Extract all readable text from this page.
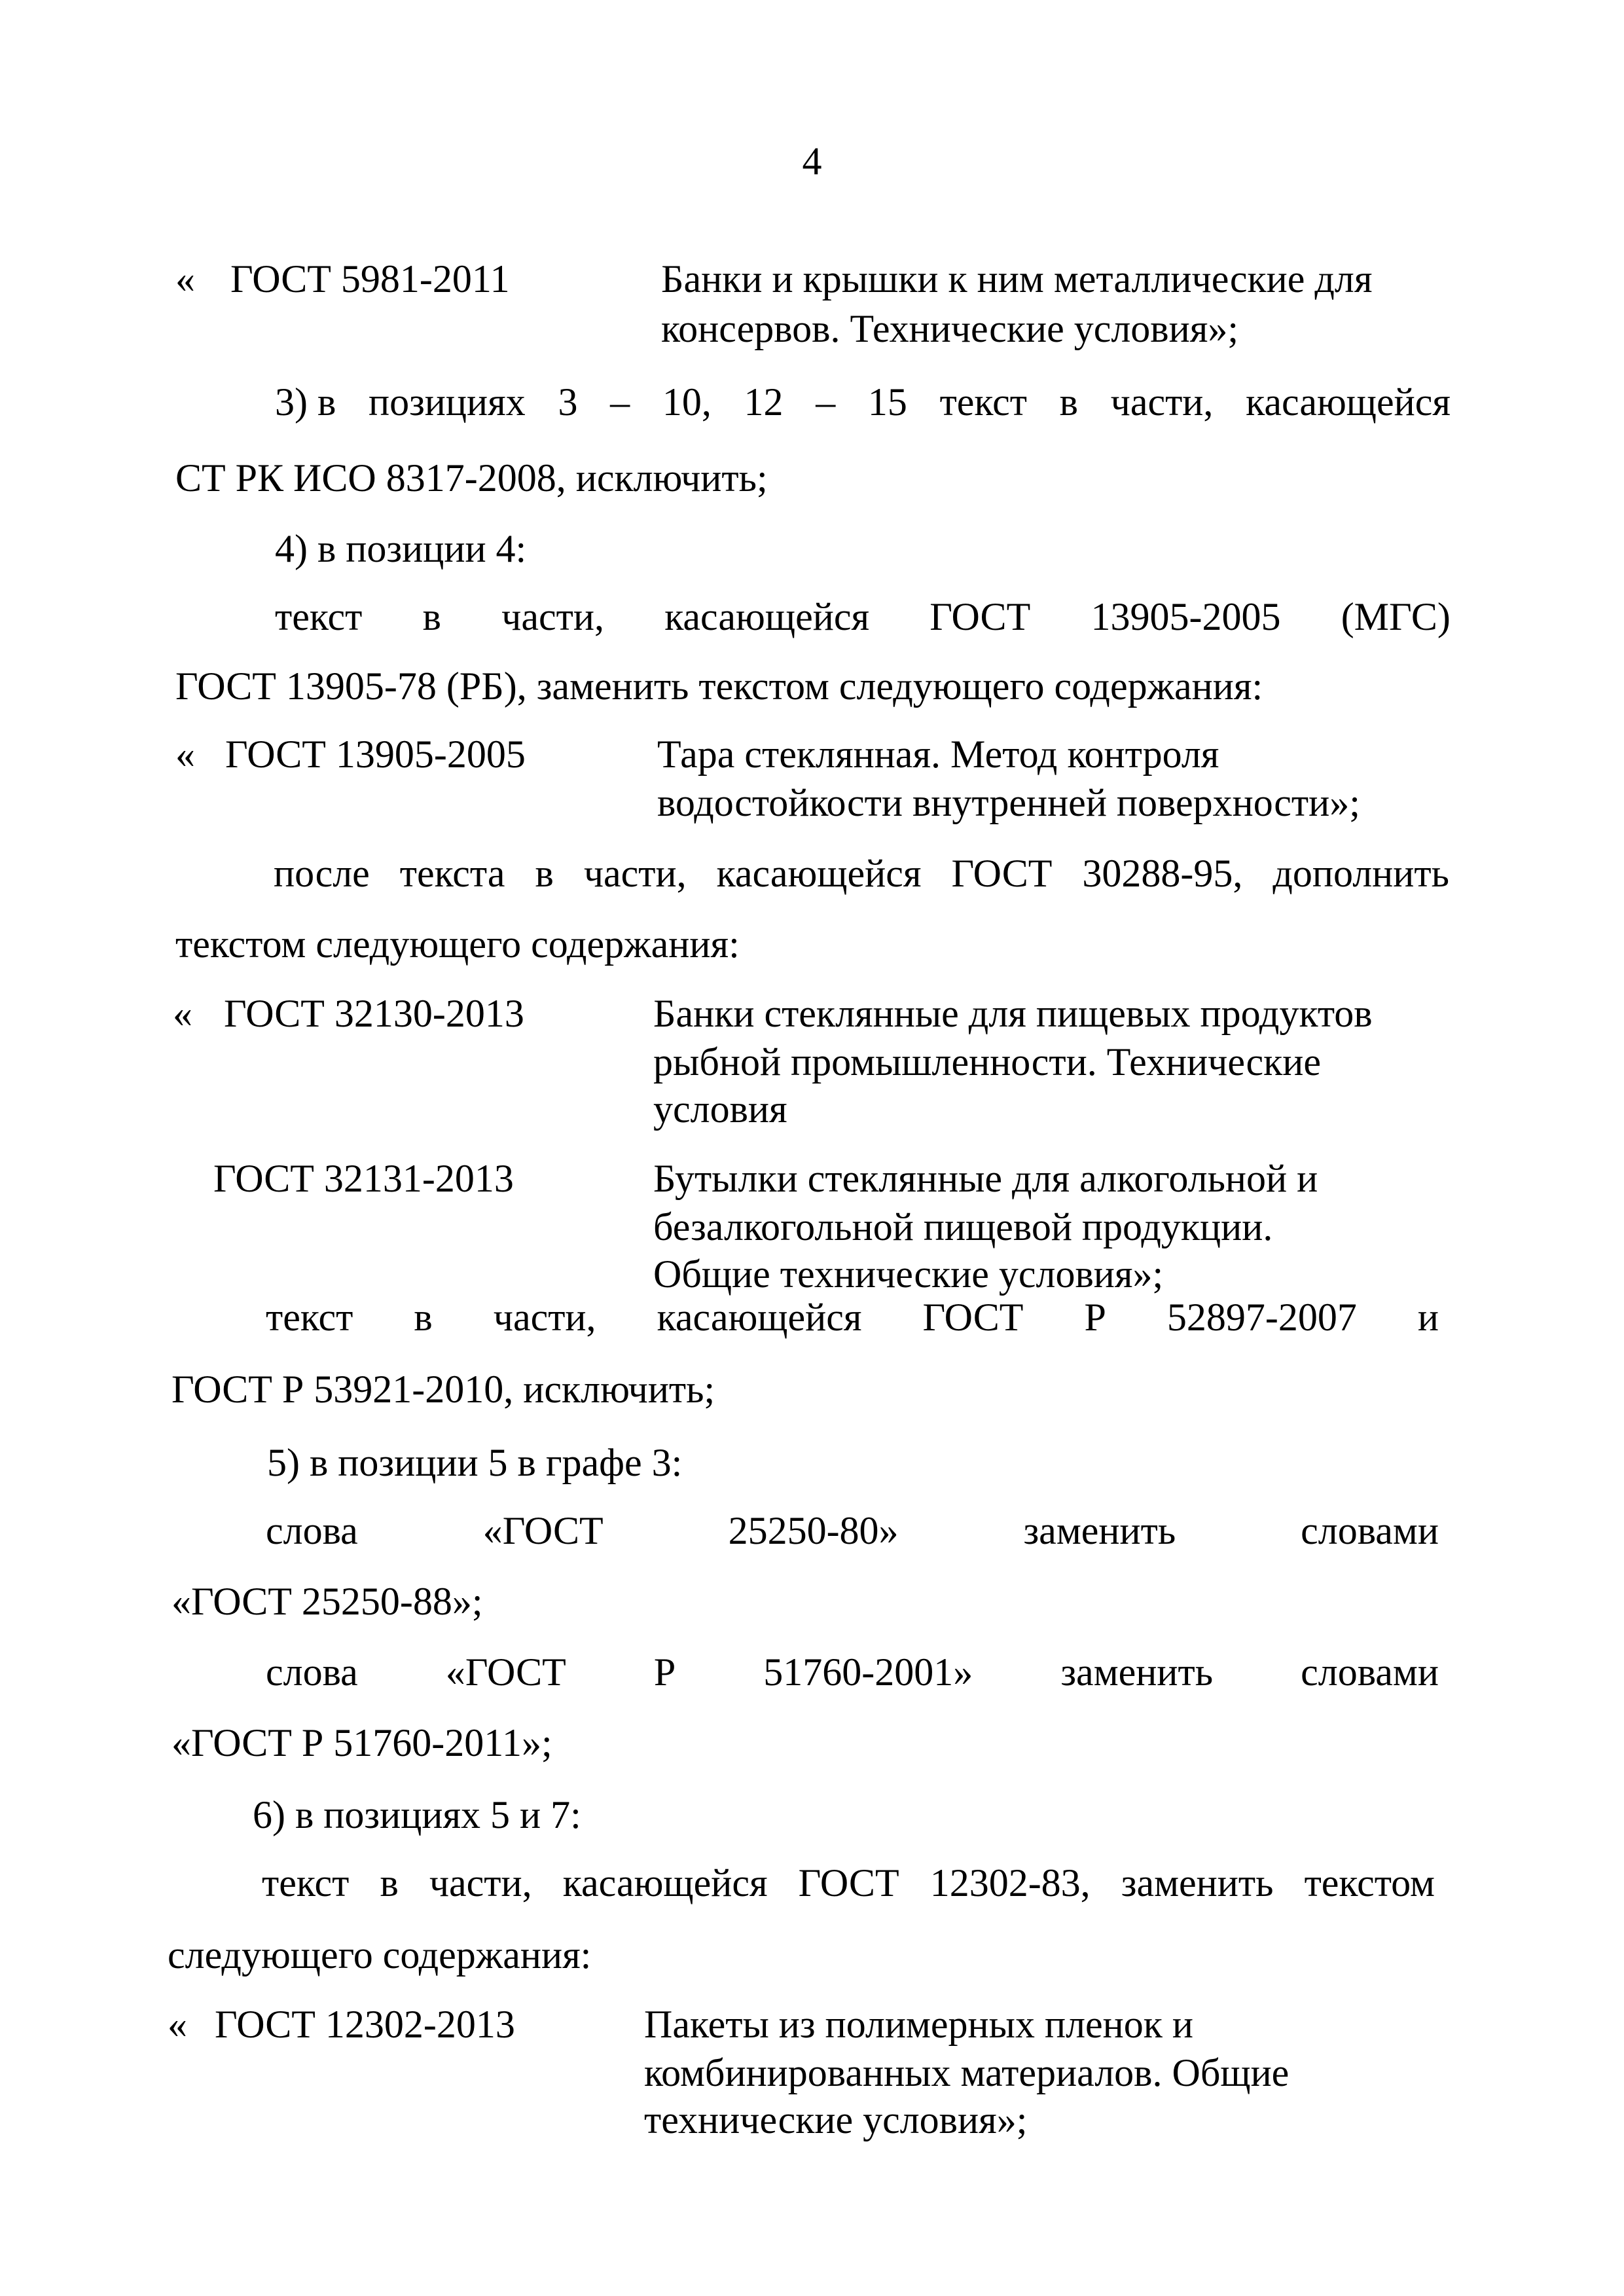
4
« ГОСТ 5981-2011	Банки и крышки к ним металлические для
консервов. Технические условия»;
3) в позициях 3 – 10, 12 – 15 текст в части, касающейся
СТ РК ИСО 8317-2008, исключить;
4) в позиции 4:
текст в части, касающейся ГОСТ 13905-2005 (МГС)
ГОСТ 13905-78 (РБ), заменить текстом следующего содержания:
« ГОСТ 13905-2005	Тара стеклянная. Метод контроля
водостойкости внутренней поверхности»;
после текста в части, касающейся ГОСТ 30288-95, дополнить
текстом следующего содержания:
« ГОСТ 32130-2013	Банки стеклянные для пищевых продуктов
рыбной промышленности. Технические
условия
ГОСТ 32131-2013	Бутылки стеклянные для алкогольной и
безалкогольной пищевой продукции.
Общие технические условия»;
текст в части, касающейся ГОСТ Р 52897-2007 и
ГОСТ Р 53921-2010, исключить;
5) в позиции 5 в графе 3:
слова	«ГОСТ	25250-80»	заменить	словами
«ГОСТ 25250-88»;
слова «ГОСТ Р 51760-2001» заменить словами
«ГОСТ Р 51760-2011»;
6) в позициях 5 и 7:
текст в части, касающейся ГОСТ 12302-83, заменить текстом
следующего содержания:
« ГОСТ 12302-2013	Пакеты из полимерных пленок и
комбинированных материалов. Общие
технические условия»;
